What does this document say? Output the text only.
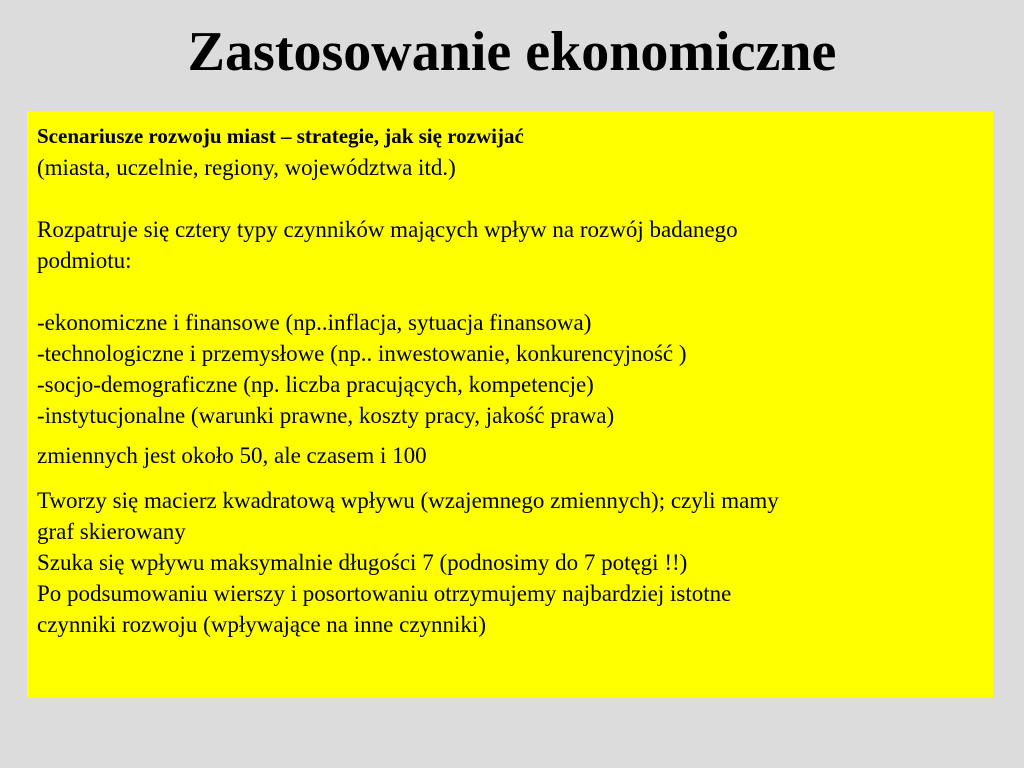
Zastosowanie ekonomiczne
Scenariusze rozwoju miast – strategie, jak się rozwijać
(miasta, uczelnie, regiony, województwa itd.)
Rozpatruje się cztery typy czynników mających wpływ na rozwój badanego
podmiotu:
-ekonomiczne i finansowe (np..inflacja, sytuacja finansowa)
-technologiczne i przemysłowe (np.. inwestowanie, konkurencyjność )
-socjo-demograficzne (np. liczba pracujących, kompetencje)
-instytucjonalne (warunki prawne, koszty pracy, jakość prawa)
zmiennych jest około 50, ale czasem i 100
Tworzy się macierz kwadratową wpływu (wzajemnego zmiennych); czyli mamy
graf skierowany
Szuka się wpływu maksymalnie długości 7 (podnosimy do 7 potęgi !!)
Po podsumowaniu wierszy i posortowaniu otrzymujemy najbardziej istotne
czynniki rozwoju (wpływające na inne czynniki)
